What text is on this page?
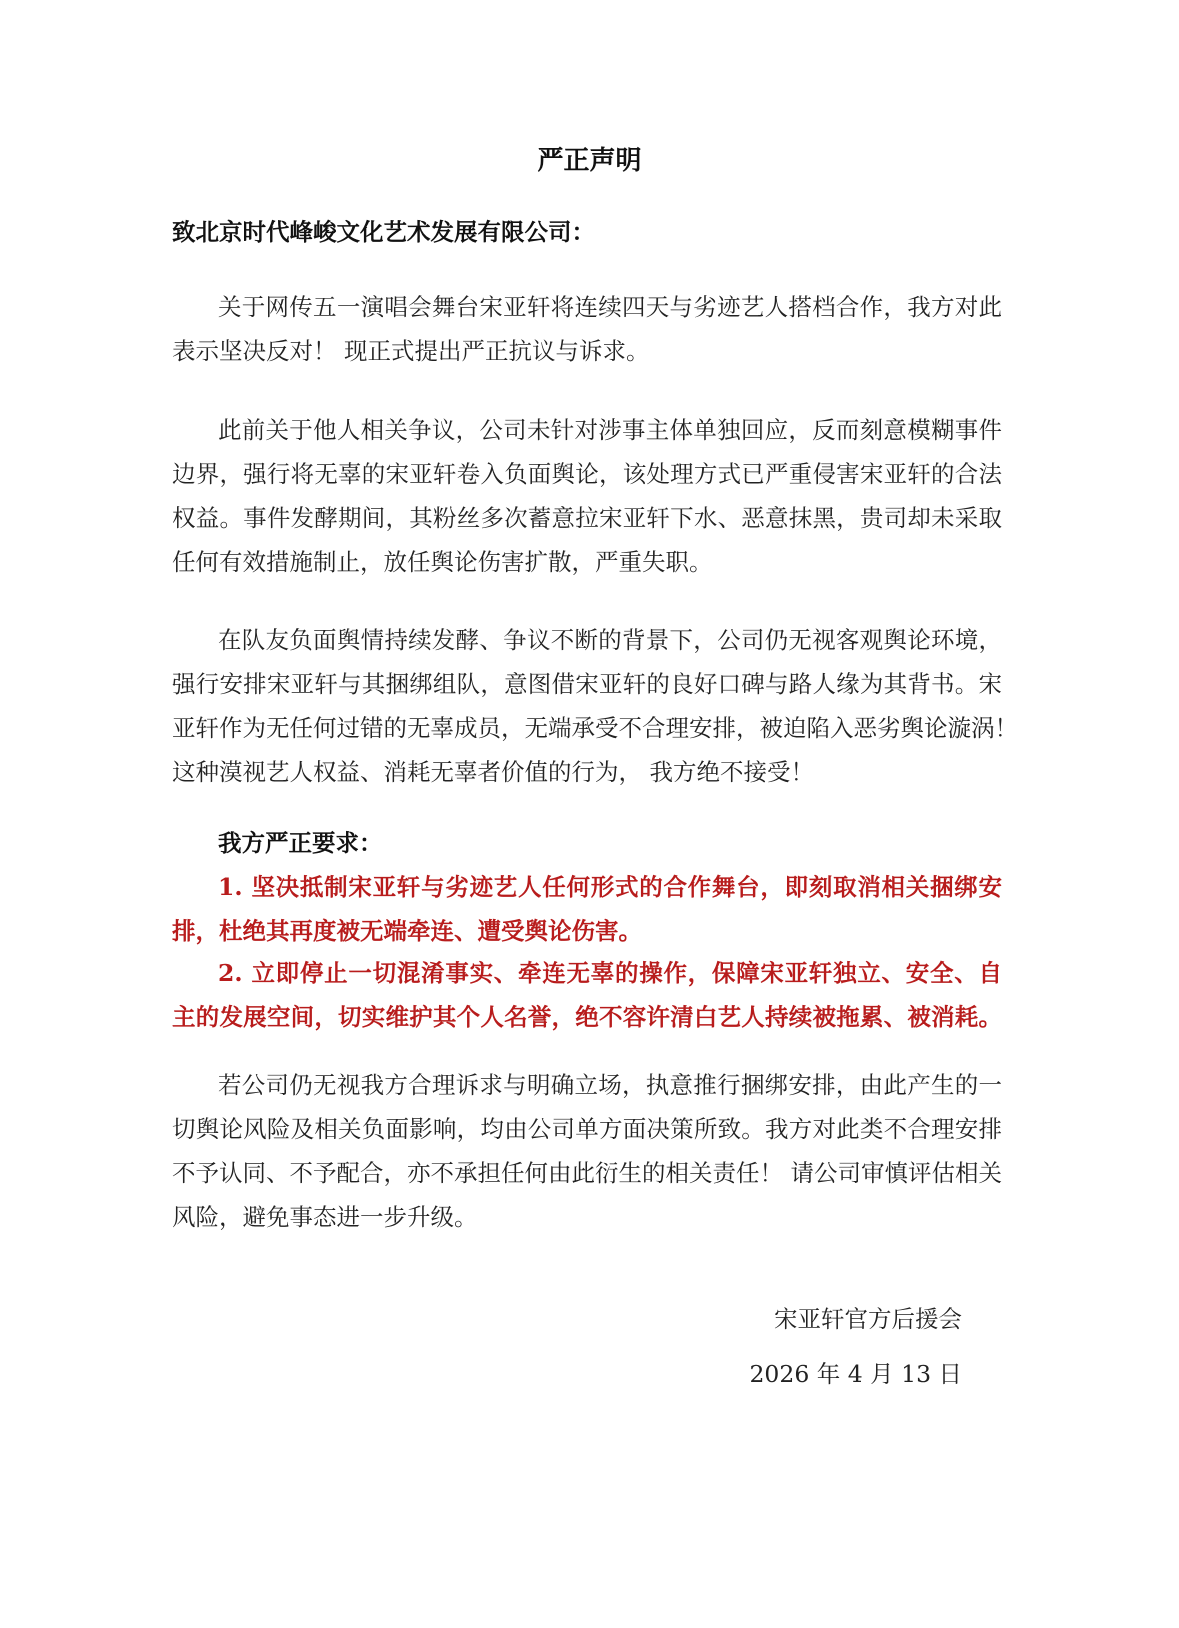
严正声明
致北京时代峰峻文化艺术发展有限公司：
关于网传五一演唱会舞台宋亚轩将连续四天与劣迹艺人搭档合作，我方对此
表示坚决反对！ 现正式提出严正抗议与诉求。
此前关于他人相关争议，公司未针对涉事主体单独回应，反而刻意模糊事件
边界，强行将无辜的宋亚轩卷入负面舆论，该处理方式已严重侵害宋亚轩的合法
权益。事件发酵期间，其粉丝多次蓄意拉宋亚轩下水、恶意抹黑，贵司却未采取
任何有效措施制止，放任舆论伤害扩散，严重失职。
在队友负面舆情持续发酵、争议不断的背景下，公司仍无视客观舆论环境，
强行安排宋亚轩与其捆绑组队，意图借宋亚轩的良好口碑与路人缘为其背书。宋
亚轩作为无任何过错的无辜成员，无端承受不合理安排，被迫陷入恶劣舆论漩涡！
这种漠视艺人权益、消耗无辜者价值的行为， 我方绝不接受！
我方严正要求：
1. 坚决抵制宋亚轩与劣迹艺人任何形式的合作舞台，即刻取消相关捆绑安
排，杜绝其再度被无端牵连、遭受舆论伤害。
2. 立即停止一切混淆事实、牵连无辜的操作，保障宋亚轩独立、安全、自
主的发展空间，切实维护其个人名誉，绝不容许清白艺人持续被拖累、被消耗。
若公司仍无视我方合理诉求与明确立场，执意推行捆绑安排，由此产生的一
切舆论风险及相关负面影响，均由公司单方面决策所致。我方对此类不合理安排
不予认同、不予配合，亦不承担任何由此衍生的相关责任！ 请公司审慎评估相关
风险，避免事态进一步升级。
宋亚轩官方后援会
2026 年 4 月 13 日
